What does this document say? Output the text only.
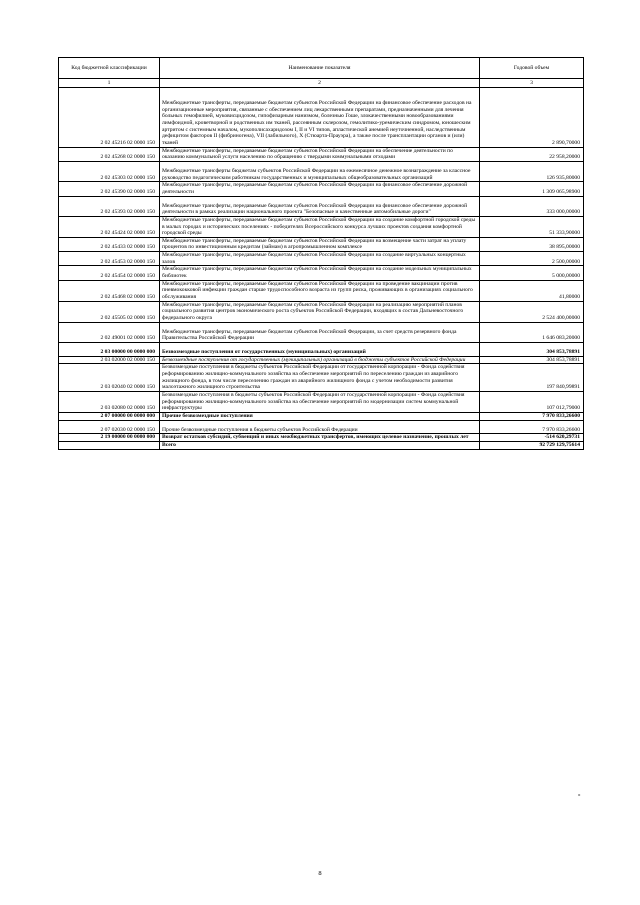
Код бюджетной классификации	Наименование показателя	Годовой объем
1	2	3
2 02 45216 02 0000 150	Межбюджетные трансферты, передаваемые бюджетам субъектов Российской Федерации на финансовое обеспечение расходов на организационные мероприятия, связанные с обеспечением лиц лекарственными препаратами, предназначенными для лечения больных гемофилией, муковисцидозом, гипофизарным нанизмом, болезнью Гоше, злокачественными новообразованиями лимфоидной, кроветворной и родственных им тканей, рассеянным склерозом, гемолитико-уремическим синдромом, юношеским артритом с системным началом, мукополисахаридозом I, II и VI типов, апластической анемией неуточненной, наследственным дефицитом факторов II (фибриногена), VII (лабильного), X (Стюарта-Прауэра), а также после трансплантации органов и (или) тканей	2 890,70000
2 02 45268 02 0000 150	Межбюджетные трансферты, передаваемые бюджетам субъектов Российской Федерации на обеспечение деятельности по оказанию коммунальной услуги населению по обращению с твердыми коммунальными отходами	22 958,20000
2 02 45303 02 0000 150	Межбюджетные трансферты бюджетам субъектов Российской Федерации на ежемесячное денежное вознаграждение за классное руководство педагогическим работникам государственных и муниципальных общеобразовательных организаций	126 935,80000
2 02 45390 02 0000 150	Межбюджетные трансферты, передаваемые бюджетам субъектов Российской Федерации на финансовое обеспечение дорожной деятельности	1 309 065,98900
2 02 45393 02 0000 150	Межбюджетные трансферты, передаваемые бюджетам субъектов Российской Федерации на финансовое обеспечение дорожной деятельности в рамках реализации национального проекта "Безопасные и качественные автомобильные дороги"	333 000,00000
2 02 45424 02 0000 150	Межбюджетные трансферты, передаваемые бюджетам субъектов Российской Федерации на создание комфортной городской среды в малых городах и исторических поселениях - победителях Всероссийского конкурса лучших проектов создания комфортной городской среды	51 333,90000
2 02 45433 02 0000 150	Межбюджетные трансферты, передаваемые бюджетам субъектов Российской Федерации на возмещение части затрат на уплату процентов по инвестиционным кредитам (займам) в агропромышленном комплексе	38 895,00000
2 02 45453 02 0000 150	Межбюджетные трансферты, передаваемые бюджетам субъектов Российской Федерации на создание виртуальных концертных залов	2 500,00000
2 02 45454 02 0000 150	Межбюджетные трансферты, передаваемые бюджетам субъектов Российской Федерации на создание модельных муниципальных библиотек	5 000,00000
2 02 45468 02 0000 150	Межбюджетные трансферты, передаваемые бюджетам субъектов Российской Федерации на проведение вакцинации против пневмококковой инфекции граждан старше трудоспособного возраста из групп риска, проживающих в организациях социального обслуживания	41,80000
2 02 45505 02 0000 150	Межбюджетные трансферты, передаваемые бюджетам субъектов Российской Федерации на реализацию мероприятий планов социального развития центров экономического роста субъектов Российской Федерации, входящих в состав Дальневосточного федерального округа	2 524 400,00000
2 02 49001 02 0000 150	Межбюджетные трансферты, передаваемые бюджетам субъектов Российской Федерации, за счет средств резервного фонда Правительства Российской Федерации	1 646 083,20000
2 03 00000 00 0000 000	Безвозмездные поступления от государственных (муниципальных) организаций	304 853,78891
2 03 02000 02 0000 150	Безвозмездные поступления от государственных (муниципальных) организаций в бюджеты субъектов Российской Федерации	304 853,78891
2 03 02040 02 0000 150	Безвозмездные поступления в бюджеты субъектов Российской Федерации от государственной корпорации - Фонда содействия реформированию жилищно-коммунального хозяйства на обеспечение мероприятий по переселению граждан из аварийного жилищного фонда, в том числе переселению граждан из аварийного жилищного фонда с учетом необходимости развития малоэтажного жилищного строительства	197 840,99891
2 03 02080 02 0000 150	Безвозмездные поступления в бюджеты субъектов Российской Федерации от государственной корпорации - Фонда содействия реформированию жилищно-коммунального хозяйства на обеспечение мероприятий по модернизации систем коммунальной инфраструктуры	107 012,79000
2 07 00000 00 0000 000	Прочие безвозмездные поступления	7 970 833,26600
2 07 02030 02 0000 150	Прочие безвозмездные поступления в бюджеты субъектов Российской Федерации	7 970 833,26600
2 19 00000 00 0000 000	Возврат остатков субсидий, субвенций и иных межбюджетных трансфертов, имеющих целевое назначение, прошлых лет	-514 620,29731
	Всего	92 729 129,75614
»
8
